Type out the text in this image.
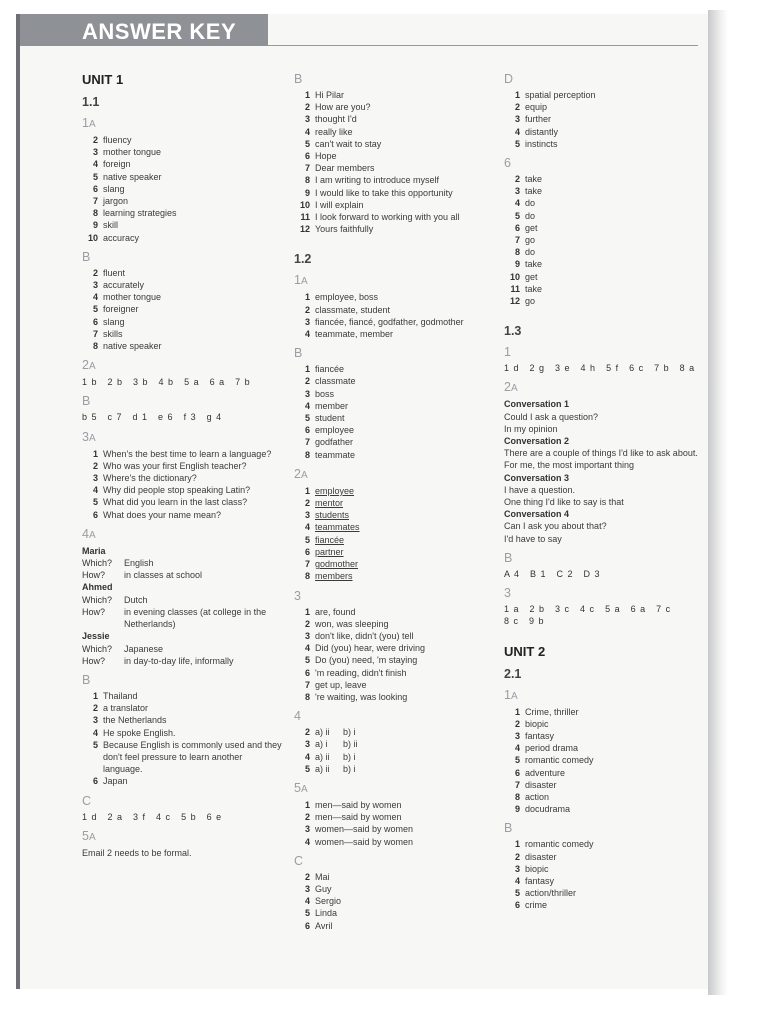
ANSWER KEY
UNIT 1
1.1
1A
2 fluency
3 mother tongue
4 foreign
5 native speaker
6 slang
7 jargon
8 learning strategies
9 skill
10 accuracy
B
2 fluent
3 accurately
4 mother tongue
5 foreigner
6 slang
7 skills
8 native speaker
2A
1 b 2 b 3 b 4 b 5 a 6 a 7 b
B
b 5 c 7 d 1 e 6 f 3 g 4
3A
1 When's the best time to learn a language?
2 Who was your first English teacher?
3 Where's the dictionary?
4 Why did people stop speaking Latin?
5 What did you learn in the last class?
6 What does your name mean?
4A
Maria
Which?	English
How?	in classes at school
Ahmed
Which?	Dutch
How?	in evening classes (at college in the Netherlands)
Jessie
Which?	Japanese
How?	in day-to-day life, informally
B
1 Thailand
2 a translator
3 the Netherlands
4 He spoke English.
5 Because English is commonly used and they don't feel pressure to learn another language.
6 Japan
C
1 d 2 a 3 f 4 c 5 b 6 e
5A
Email 2 needs to be formal.
B
1 Hi Pilar
2 How are you?
3 thought I'd
4 really like
5 can't wait to stay
6 Hope
7 Dear members
8 I am writing to introduce myself
9 I would like to take this opportunity
10 I will explain
11 I look forward to working with you all
12 Yours faithfully
1.2
1A
1 employee, boss
2 classmate, student
3 fiancée, fiancé, godfather, godmother
4 teammate, member
B
1 fiancée
2 classmate
3 boss
4 member
5 student
6 employee
7 godfather
8 teammate
2A
1 employee
2 mentor
3 students
4 teammates
5 fiancée
6 partner
7 godmother
8 members
3
1 are, found
2 won, was sleeping
3 don't like, didn't (you) tell
4 Did (you) hear, were driving
5 Do (you) need, 'm staying
6 'm reading, didn't finish
7 get up, leave
8 're waiting, was looking
4
2 a) ii	b) i
3 a) i	b) ii
4 a) ii	b) i
5 a) ii	b) i
5A
1 men—said by women
2 men—said by women
3 women—said by women
4 women—said by women
C
2 Mai
3 Guy
4 Sergio
5 Linda
6 Avril
D
1 spatial perception
2 equip
3 further
4 distantly
5 instincts
6
2 take
3 take
4 do
5 do
6 get
7 go
8 do
9 take
10 get
11 take
12 go
1.3
1
1 d 2 g 3 e 4 h 5 f 6 c 7 b 8 a
2A
Conversation 1
Could I ask a question?
In my opinion
Conversation 2
There are a couple of things I'd like to ask about.
For me, the most important thing
Conversation 3
I have a question.
One thing I'd like to say is that
Conversation 4
Can I ask you about that?
I'd have to say
B
A 4 B 1 C 2 D 3
3
1 a 2 b 3 c 4 c 5 a 6 a 7 c
8 c 9 b
UNIT 2
2.1
1A
1 Crime, thriller
2 biopic
3 fantasy
4 period drama
5 romantic comedy
6 adventure
7 disaster
8 action
9 docudrama
B
1 romantic comedy
2 disaster
3 biopic
4 fantasy
5 action/thriller
6 crime
